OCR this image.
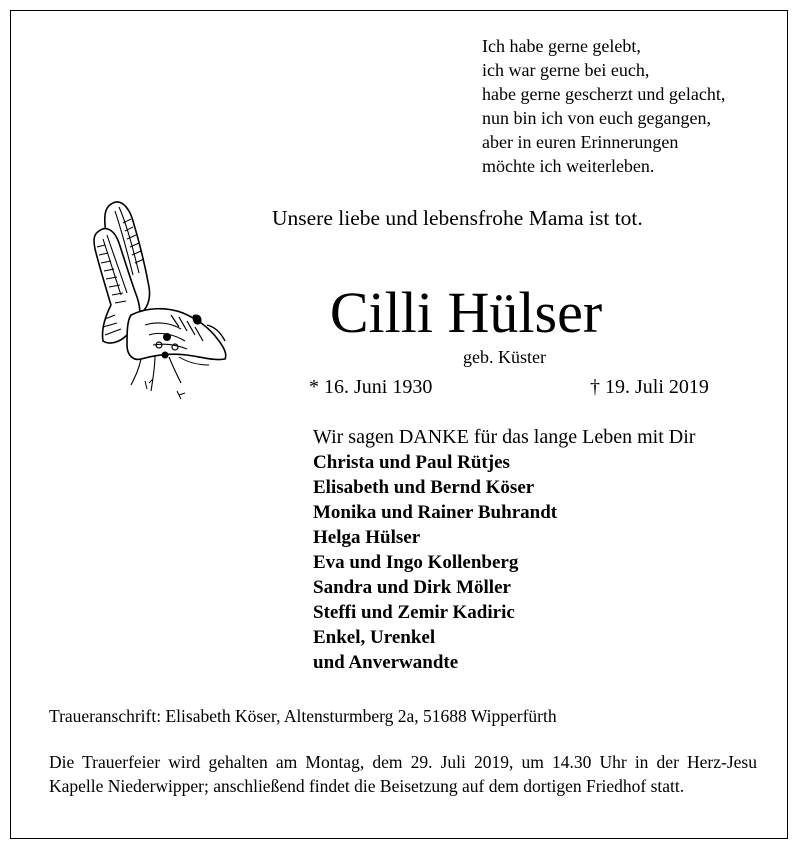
Ich habe gerne gelebt,
ich war gerne bei euch,
habe gerne gescherzt und gelacht,
nun bin ich von euch gegangen,
aber in euren Erinnerungen
möchte ich weiterleben.
Unsere liebe und lebensfrohe Mama ist tot.
Cilli Hülser
geb. Küster
* 16. Juni 1930	† 19. Juli 2019
Wir sagen DANKE für das lange Leben mit Dir
Christa und Paul Rütjes
Elisabeth und Bernd Köser
Monika und Rainer Buhrandt
Helga Hülser
Eva und Ingo Kollenberg
Sandra und Dirk Möller
Steffi und Zemir Kadiric
Enkel, Urenkel
und Anverwandte
Traueranschrift: Elisabeth Köser, Altensturmberg 2a, 51688 Wipperfürth
Die Trauerfeier wird gehalten am Montag, dem 29. Juli 2019, um 14.30 Uhr in der Herz-Jesu Kapelle Niederwipper; anschließend findet die Beisetzung auf dem dortigen Friedhof statt.
